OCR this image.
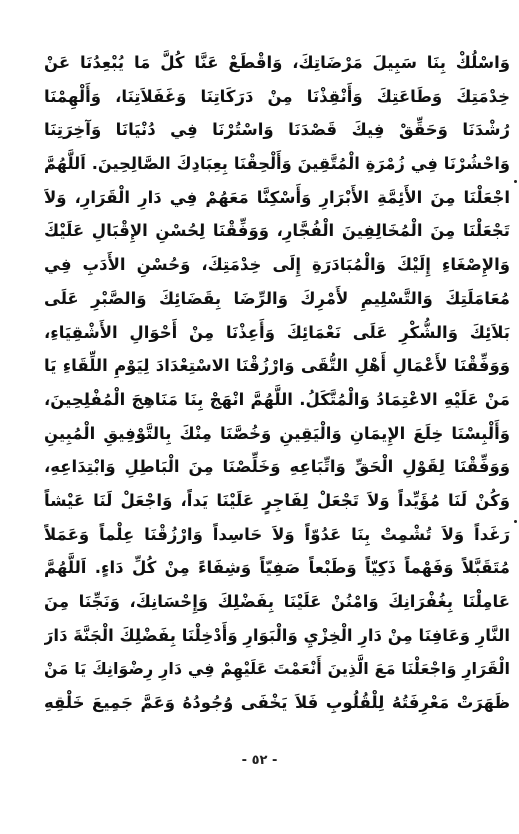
وَاسْلُكْ بِنَا سَبِيلَ مَرْضَاتِكَ، وَاقْطَعْ عَنَّا كُلَّ مَا يُبْعِدُنَا عَنْ
خِدْمَتِكَ وَطَاعَتِكَ وَأَنْقِذْنَا مِنْ دَرَكَاتِنَا وَغَفَلاَتِنَا، وَأَلْهِمْنَا
رُشْدَنَا وَحَقِّقْ فِيكَ قَصْدَنَا وَاسْتُرْنَا فِي دُنْيَانَا وَآخِرَتِنَا
وَاحْشُرْنَا فِي زُمْرَةِ الْمُتَّقِينَ وَأَلْحِقْنَا بِعِبَادِكَ الصَّالِحِينَ. اَللَّهُمَّ
اجْعَلْنَا مِنَ الأَئِمَّةِ الأَبْرَارِ وَأَسْكِنَّا مَعَهُمْ فِي دَارِ الْقَرَارِ، وَلاَ
تَجْعَلْنَا مِنَ الْمُخَالِفِينَ الْفُجَّارِ، وَوَفِّقْنَا لِحُسْنِ الإِقْبَالِ عَلَيْكَ
وَالإِصْغَاءِ إِلَيْكَ وَالْمُبَادَرَةِ إِلَى خِدْمَتِكَ، وَحُسْنِ الأَدَبِ فِي
مُعَامَلَتِكَ وَالتَّسْلِيمِ لأَمْرِكَ وَالرِّضَا بِقَضَائِكَ وَالصَّبْرِ عَلَى
بَلاَئِكَ وَالشُّكْرِ عَلَى نَعْمَائِكَ وَأَعِذْنَا مِنْ أَحْوَالِ الأَشْقِيَاءِ،
وَوَفِّقْنَا لأَعْمَالِ أَهْلِ التُّقَى وَارْزُقْنَا الاسْتِعْدَادَ لِيَوْمِ اللِّقَاءِ يَا
مَنْ عَلَيْهِ الاعْتِمَادُ وَالْمُتَّكَلُ. اللَّهُمَّ انْهَجْ بِنَا مَنَاهِجَ الْمُفْلِحِينَ،
وَأَلْبِسْنَا خِلَعَ الإِيمَانِ وَالْيَقِينِ وَخُصَّنَا مِنْكَ بِالتَّوْفِيقِ الْمُبِينِ
وَوَفِّقْنَا لِقَوْلِ الْحَقِّ وَاتِّبَاعِهِ وَخَلِّصْنَا مِنَ الْبَاطِلِ وَابْتِدَاعِهِ،
وَكُنْ لَنَا مُؤَيِّداً وَلاَ تَجْعَلْ لِفَاجِرٍ عَلَيْنَا يَداً، وَاجْعَلْ لَنَا عَيْشاً
رَغَداً وَلاَ تُشْمِتْ بِنَا عَدُوّاً وَلاَ حَاسِداً وَارْزُقْنَا عِلْماً وَعَمَلاً
مُتَقَبَّلاً وَفَهْماً ذَكِيّاً وَطَبْعاً صَفِيّاً وَشِفَاءً مِنْ كُلِّ دَاءٍ. اَللَّهُمَّ
عَامِلْنَا بِغُفْرَانِكَ وَامْنُنْ عَلَيْنَا بِفَضْلِكَ وَإِحْسَانِكَ، وَنَجِّنَا مِنَ
النَّارِ وَعَافِنَا مِنْ دَارِ الْخِزْيِ وَالْبَوَارِ وَأَدْخِلْنَا بِفَضْلِكَ الْجَنَّةَ دَارَ
الْقَرَارِ وَاجْعَلْنَا مَعَ الَّذِينَ أَنْعَمْتَ عَلَيْهِمْ فِي دَارِ رِضْوَانِكَ يَا مَنْ
ظَهَرَتْ مَعْرِفَتُهُ لِلْقُلُوبِ فَلاَ يَخْفَى وُجُودُهُ وَعَمَّ جَمِيعَ خَلْقِهِ
- ٥٢ -
